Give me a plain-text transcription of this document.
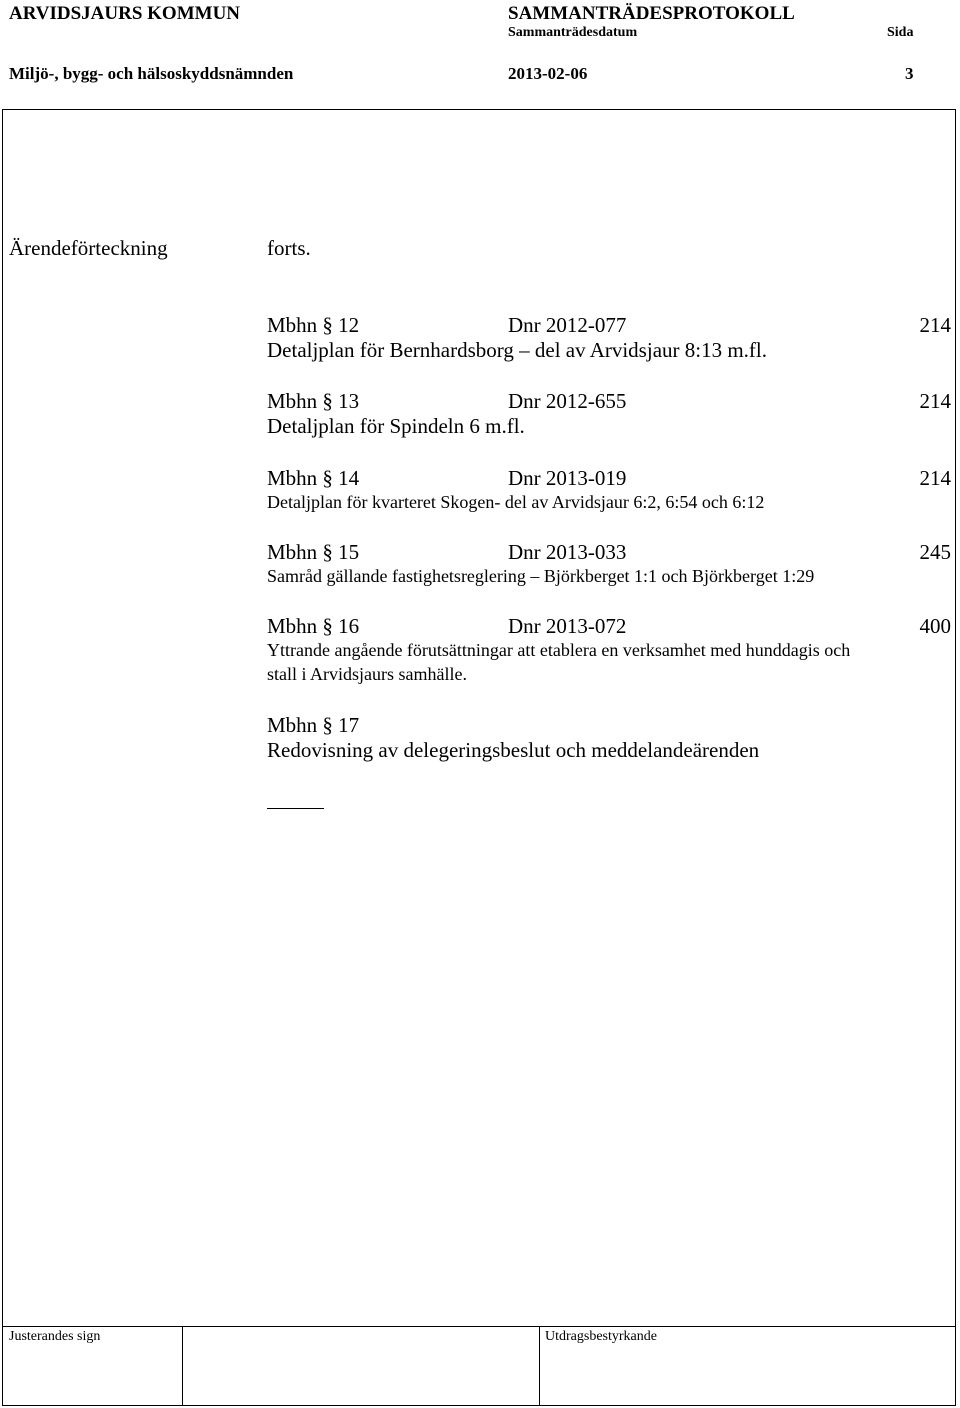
ARVIDSJAURS KOMMUN	SAMMANTRÄDESPROTOKOLL
Sammanträdesdatum	Sida
Miljö-, bygg- och hälsoskyddsnämnden	2013-02-06	3
Ärendeförteckning	forts.
Mbhn § 12	Dnr 2012-077	214
Detaljplan för Bernhardsborg – del av Arvidsjaur 8:13 m.fl.
Mbhn § 13	Dnr 2012-655	214
Detaljplan för Spindeln 6 m.fl.
Mbhn § 14	Dnr 2013-019	214
Detaljplan för kvarteret Skogen- del av Arvidsjaur 6:2, 6:54 och 6:12
Mbhn § 15	Dnr 2013-033	245
Samråd gällande fastighetsreglering – Björkberget 1:1 och Björkberget 1:29
Mbhn § 16	Dnr 2013-072	400
Yttrande angående förutsättningar att etablera en verksamhet med hunddagis och
stall i Arvidsjaurs samhälle.
Mbhn § 17
Redovisning av delegeringsbeslut och meddelandeärenden
Justerandes sign	Utdragsbestyrkande
